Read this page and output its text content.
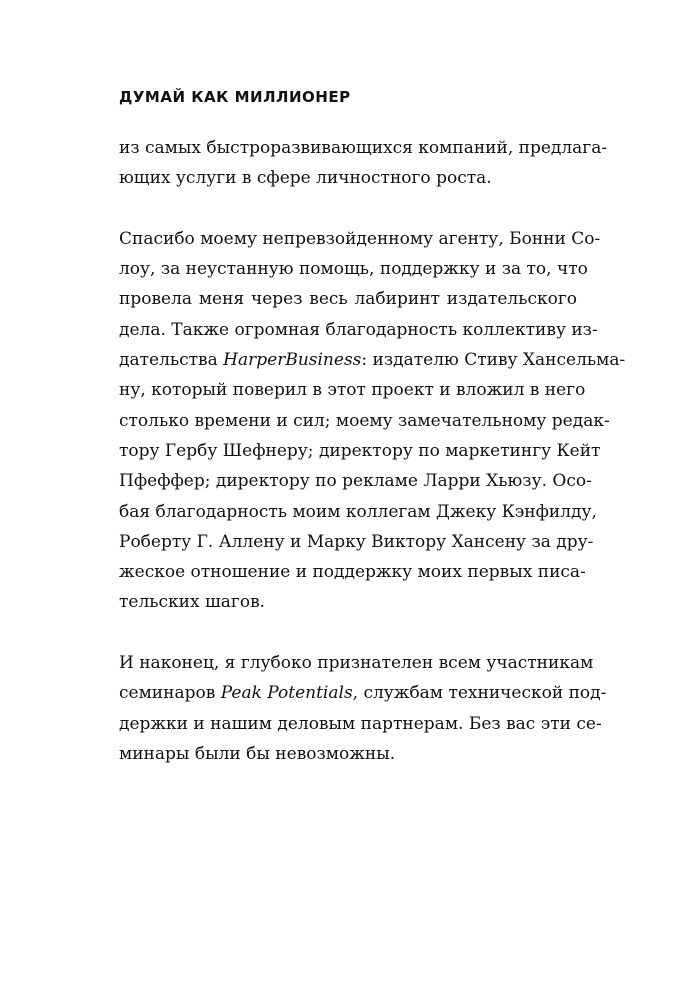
ДУМАЙ КАК МИЛЛИОНЕР

из самых быстроразвивающихся компаний, предлага-
ющих услуги в сфере личностного роста.

Спасибо моему непревзойденному агенту, Бонни Со-
лоу, за неустанную помощь, поддержку и за то, что
провела меня через весь лабиринт издательского
дела. Также огромная благодарность коллективу из-
дательства HarperBusiness: издателю Стиву Хансельма-
ну, который поверил в этот проект и вложил в него
столько времени и сил; моему замечательному редак-
тору Гербу Шефнеру; директору по маркетингу Кейт
Пфеффер; директору по рекламе Ларри Хьюзу. Осо-
бая благодарность моим коллегам Джеку Кэнфилду,
Роберту Г. Аллену и Марку Виктору Хансену за дру-
жеское отношение и поддержку моих первых писа-
тельских шагов.

И наконец, я глубоко признателен всем участникам
семинаров Peak Potentials, службам технической под-
держки и нашим деловым партнерам. Без вас эти се-
минары были бы невозможны.
